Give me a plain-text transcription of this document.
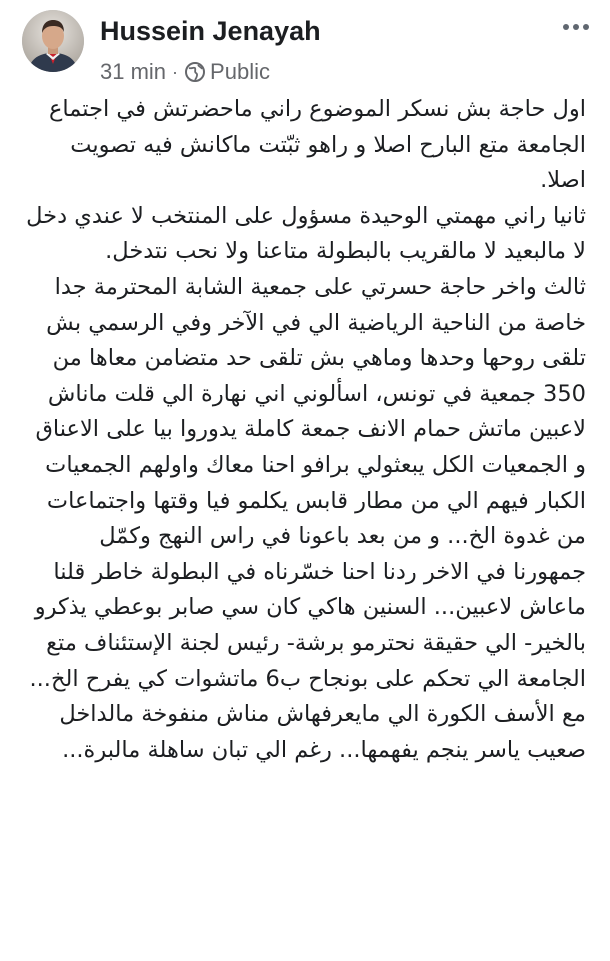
Hussein Jenayah
31 min · Public

اول حاجة بش نسكر الموضوع راني ماحضرتش في اجتماع الجامعة متع البارح اصلا و راهو ثبّتت ماكانش فيه تصويت اصلا.

ثانيا راني مهمتي الوحيدة مسؤول على المنتخب لا عندي دخل لا مالبعيد لا مالقريب بالبطولة متاعنا ولا نحب نتدخل.

ثالث واخر حاجة حسرتي على جمعية الشابة المحترمة جدا خاصة من الناحية الرياضية الي في الآخر وفي الرسمي بش تلقى روحها وحدها وماهي بش تلقى حد متضامن معاها من 350 جمعية في تونس، اسألوني اني نهارة الي قلت ماناش لاعبين ماتش حمام الانف جمعة كاملة يدوروا بيا على الاعناق و الجمعيات الكل يبعثولي برافو احنا معاك واولهم الجمعيات الكبار فيهم الي من مطار قابس يكلمو فيا وقتها واجتماعات من غدوة الخ... و من بعد باعونا في راس النهج وكمّل جمهورنا في الاخر ردنا احنا خسّرناه في البطولة خاطر قلنا ماعاش لاعبين... السنين هاكي كان سي صابر بوعطي يذكرو بالخير- الي حقيقة نحترمو برشة- رئيس لجنة الإستئناف متع الجامعة الي تحكم على بونجاح ب6 ماتشوات كي يفرح الخ...

مع الأسف الكورة الي مايعرفهاش مناش منفوخة مالداخل صعيب ياسر ينجم يفهمها... رغم الي تبان ساهلة مالبرة...
